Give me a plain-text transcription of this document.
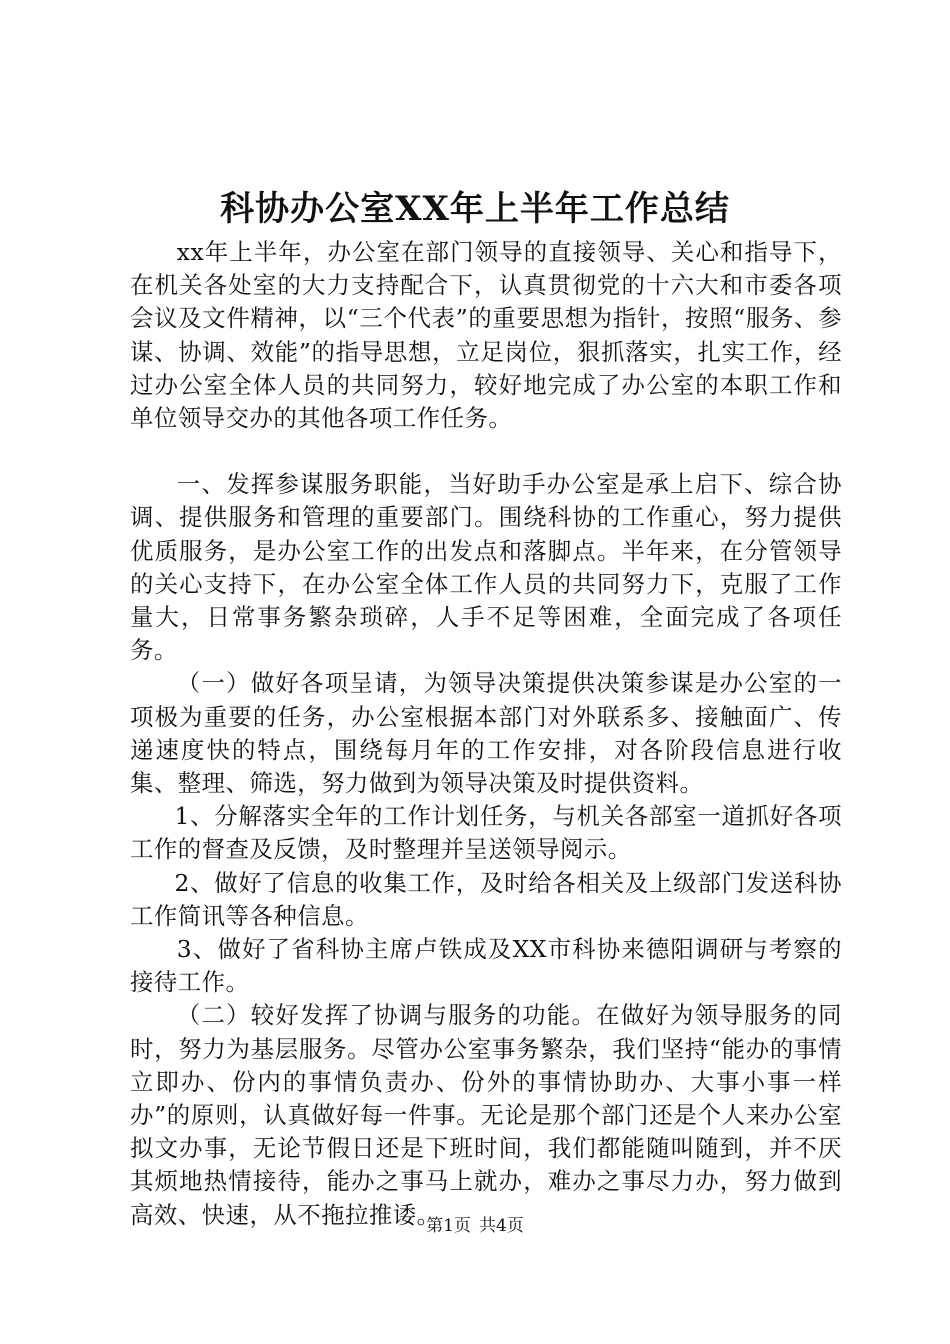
科协办公室XX年上半年工作总结

xx年上半年，办公室在部门领导的直接领导、关心和指导下，在机关各处室的大力支持配合下，认真贯彻党的十六大和市委各项会议及文件精神，以“三个代表”的重要思想为指针，按照“服务、参谋、协调、效能”的指导思想，立足岗位，狠抓落实，扎实工作，经过办公室全体人员的共同努力，较好地完成了办公室的本职工作和单位领导交办的其他各项工作任务。

一、发挥参谋服务职能，当好助手办公室是承上启下、综合协调、提供服务和管理的重要部门。围绕科协的工作重心，努力提供优质服务，是办公室工作的出发点和落脚点。半年来，在分管领导的关心支持下，在办公室全体工作人员的共同努力下，克服了工作量大，日常事务繁杂琐碎，人手不足等困难，全面完成了各项任务。

（一）做好各项呈请，为领导决策提供决策参谋是办公室的一项极为重要的任务，办公室根据本部门对外联系多、接触面广、传递速度快的特点，围绕每月年的工作安排，对各阶段信息进行收集、整理、筛选，努力做到为领导决策及时提供资料。

1、分解落实全年的工作计划任务，与机关各部室一道抓好各项工作的督查及反馈，及时整理并呈送领导阅示。

2、做好了信息的收集工作，及时给各相关及上级部门发送科协工作简讯等各种信息。

3、做好了省科协主席卢铁成及XX市科协来德阳调研与考察的接待工作。

（二）较好发挥了协调与服务的功能。在做好为领导服务的同时，努力为基层服务。尽管办公室事务繁杂，我们坚持“能办的事情立即办、份内的事情负责办、份外的事情协助办、大事小事一样办”的原则，认真做好每一件事。无论是那个部门还是个人来办公室拟文办事，无论节假日还是下班时间，我们都能随叫随到，并不厌其烦地热情接待，能办之事马上就办，难办之事尽力办，努力做到高效、快速，从不拖拉推诿。

第1页 共4页
